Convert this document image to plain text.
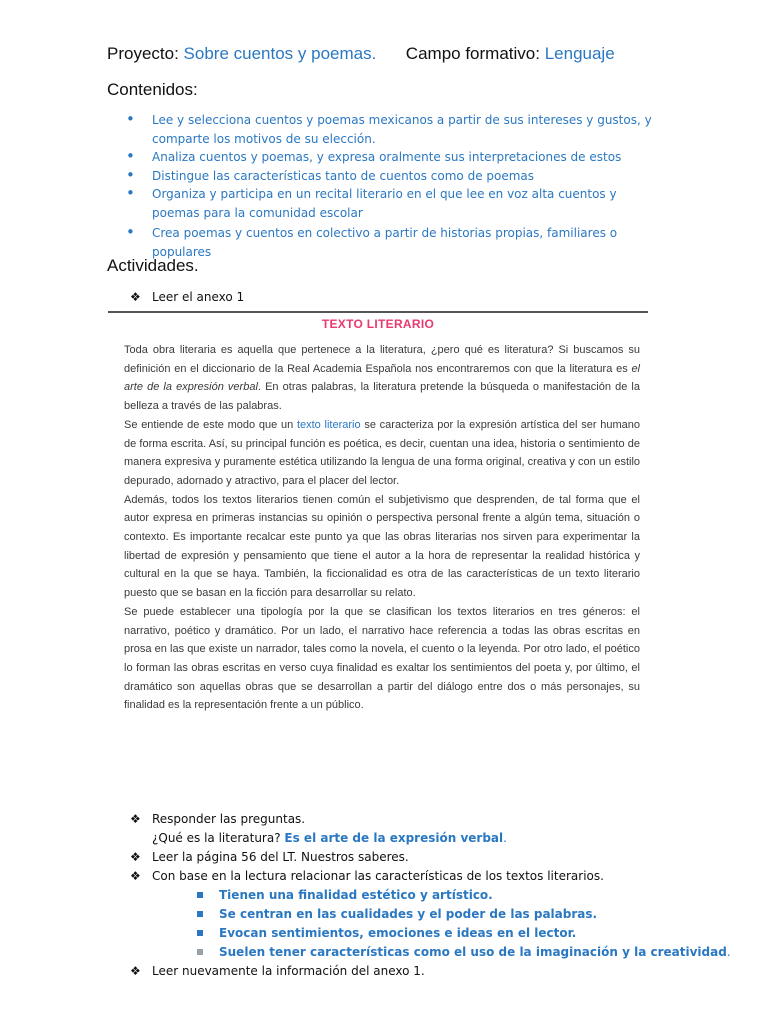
Proyecto: Sobre cuentos y poemas. Campo formativo: Lenguaje
Contenidos:
• Lee y selecciona cuentos y poemas mexicanos a partir de sus intereses y gustos, y comparte los motivos de su elección.
• Analiza cuentos y poemas, y expresa oralmente sus interpretaciones de estos
• Distingue las características tanto de cuentos como de poemas
• Organiza y participa en un recital literario en el que lee en voz alta cuentos y poemas para la comunidad escolar
• Crea poemas y cuentos en colectivo a partir de historias propias, familiares o populares
Actividades.
❖ Leer el anexo 1
TEXTO LITERARIO

Toda obra literaria es aquella que pertenece a la literatura, ¿pero qué es literatura? Si buscamos su definición en el diccionario de la Real Academia Española nos encontraremos con que la literatura es el arte de la expresión verbal. En otras palabras, la literatura pretende la búsqueda o manifestación de la belleza a través de las palabras.

Se entiende de este modo que un texto literario se caracteriza por la expresión artística del ser humano de forma escrita. Así, su principal función es poética, es decir, cuentan una idea, historia o sentimiento de manera expresiva y puramente estética utilizando la lengua de una forma original, creativa y con un estilo depurado, adornado y atractivo, para el placer del lector.

Además, todos los textos literarios tienen común el subjetivismo que desprenden, de tal forma que el autor expresa en primeras instancias su opinión o perspectiva personal frente a algún tema, situación o contexto. Es importante recalcar este punto ya que las obras literarias nos sirven para experimentar la libertad de expresión y pensamiento que tiene el autor a la hora de representar la realidad histórica y cultural en la que se haya. También, la ficcionalidad es otra de las características de un texto literario puesto que se basan en la ficción para desarrollar su relato.

Se puede establecer una tipología por la que se clasifican los textos literarios en tres géneros: el narrativo, poético y dramático. Por un lado, el narrativo hace referencia a todas las obras escritas en prosa en las que existe un narrador, tales como la novela, el cuento o la leyenda. Por otro lado, el poético lo forman las obras escritas en verso cuya finalidad es exaltar los sentimientos del poeta y, por último, el dramático son aquellas obras que se desarrollan a partir del diálogo entre dos o más personajes, su finalidad es la representación frente a un público.

❖ Responder las preguntas.
¿Qué es la literatura? Es el arte de la expresión verbal.
❖ Leer la página 56 del LT. Nuestros saberes.
❖ Con base en la lectura relacionar las características de los textos literarios.
Tienen una finalidad estético y artístico.
Se centran en las cualidades y el poder de las palabras.
Evocan sentimientos, emociones e ideas en el lector.
Suelen tener características como el uso de la imaginación y la creatividad.
❖ Leer nuevamente la información del anexo 1.
